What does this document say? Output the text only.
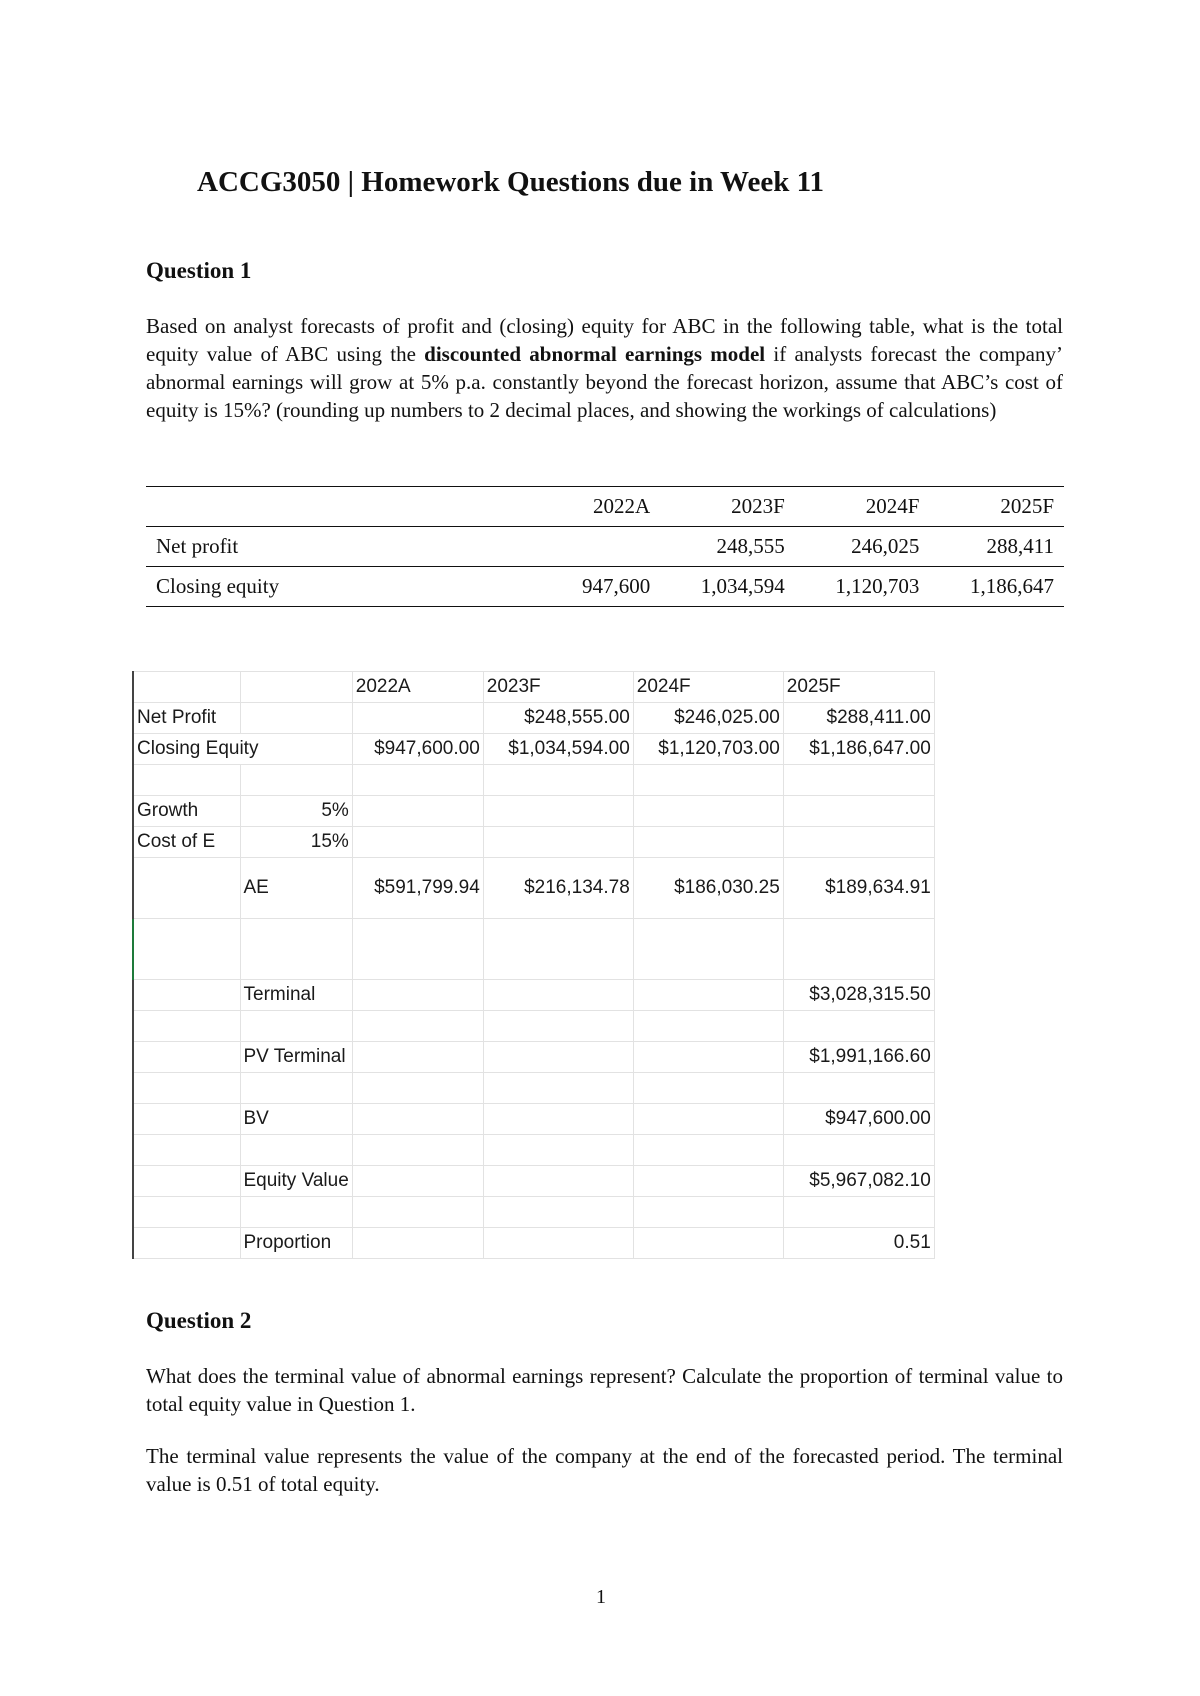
ACCG3050 | Homework Questions due in Week 11
Question 1
Based on analyst forecasts of profit and (closing) equity for ABC in the following table, what is the total equity value of ABC using the discounted abnormal earnings model if analysts forecast the company’ abnormal earnings will grow at 5% p.a. constantly beyond the forecast horizon, assume that ABC’s cost of equity is 15%? (rounding up numbers to 2 decimal places, and showing the workings of calculations)
	2022A	2023F	2024F	2025F
Net profit		248,555	246,025	288,411
Closing equity	947,600	1,034,594	1,120,703	1,186,647
		2022A	2023F	2024F	2025F
Net Profit			$248,555.00	$246,025.00	$288,411.00
Closing Equity		$947,600.00	$1,034,594.00	$1,120,703.00	$1,186,647.00

Growth	5%				
Cost of E	15%				
	AE	$591,799.94	$216,134.78	$186,030.25	$189,634.91

	Terminal				$3,028,315.50

	PV Terminal				$1,991,166.60

	BV				$947,600.00

	Equity Value				$5,967,082.10

	Proportion				0.51
Question 2
What does the terminal value of abnormal earnings represent? Calculate the proportion of terminal value to total equity value in Question 1.
The terminal value represents the value of the company at the end of the forecasted period. The terminal value is 0.51 of total equity.
1
